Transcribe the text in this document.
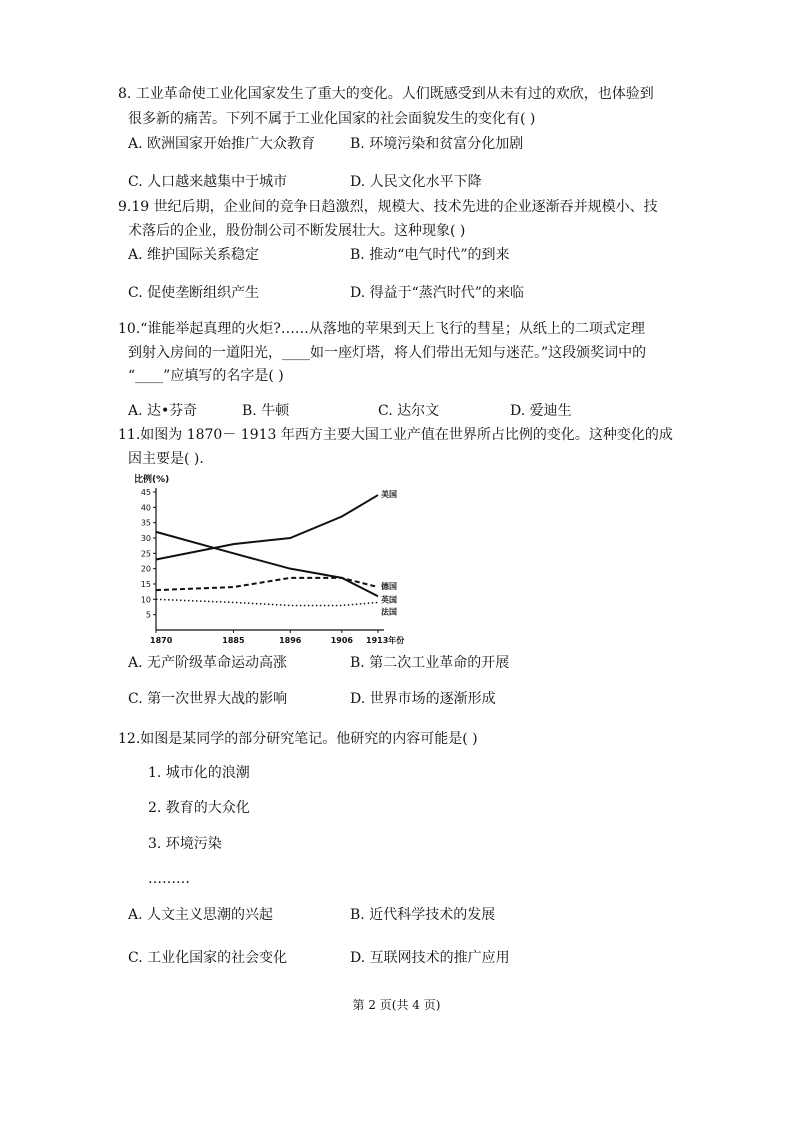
8. 工业革命使工业化国家发生了重大的变化。人们既感受到从未有过的欢欣，也体验到
很多新的痛苦。下列不属于工业化国家的社会面貌发生的变化有( )
A. 欧洲国家开始推广大众教育 B. 环境污染和贫富分化加剧
C. 人口越来越集中于城市	D. 人民文化水平下降
9.19 世纪后期，企业间的竞争日趋激烈，规模大、技术先进的企业逐渐吞并规模小、技
术落后的企业，股份制公司不断发展壮大。这种现象( )
A. 维护国际关系稳定	B. 推动“电气时代”的到来
C. 促使垄断组织产生	D. 得益于“蒸汽时代”的来临
10.“谁能举起真理的火炬?……从落地的苹果到天上飞行的彗星；从纸上的二项式定理
到射入房间的一道阳光，____如一座灯塔，将人们带出无知与迷茫。”这段颁奖词中的
“____”应填写的名字是( )
A. 达•芬奇	B. 牛顿	C. 达尔文	D. 爱迪生
11.如图为 1870－ 1913 年西方主要大国工业产值在世界所占比例的变化。这种变化的成
因主要是( ).
比例(%)
5
10
15
20
25
30
35
40
45
1870	1885	1896	1906 1913年份
美国
德国
英国
法国
A. 无产阶级革命运动高涨	B. 第二次工业革命的开展
C. 第一次世界大战的影响	D. 世界市场的逐渐形成
12.如图是某同学的部分研究笔记。他研究的内容可能是( )
1. 城市化的浪潮
2. 教育的大众化
3. 环境污染
………
A. 人文主义思潮的兴起	B. 近代科学技术的发展
C. 工业化国家的社会变化	D. 互联网技术的推广应用
第 2 页(共 4 页)
